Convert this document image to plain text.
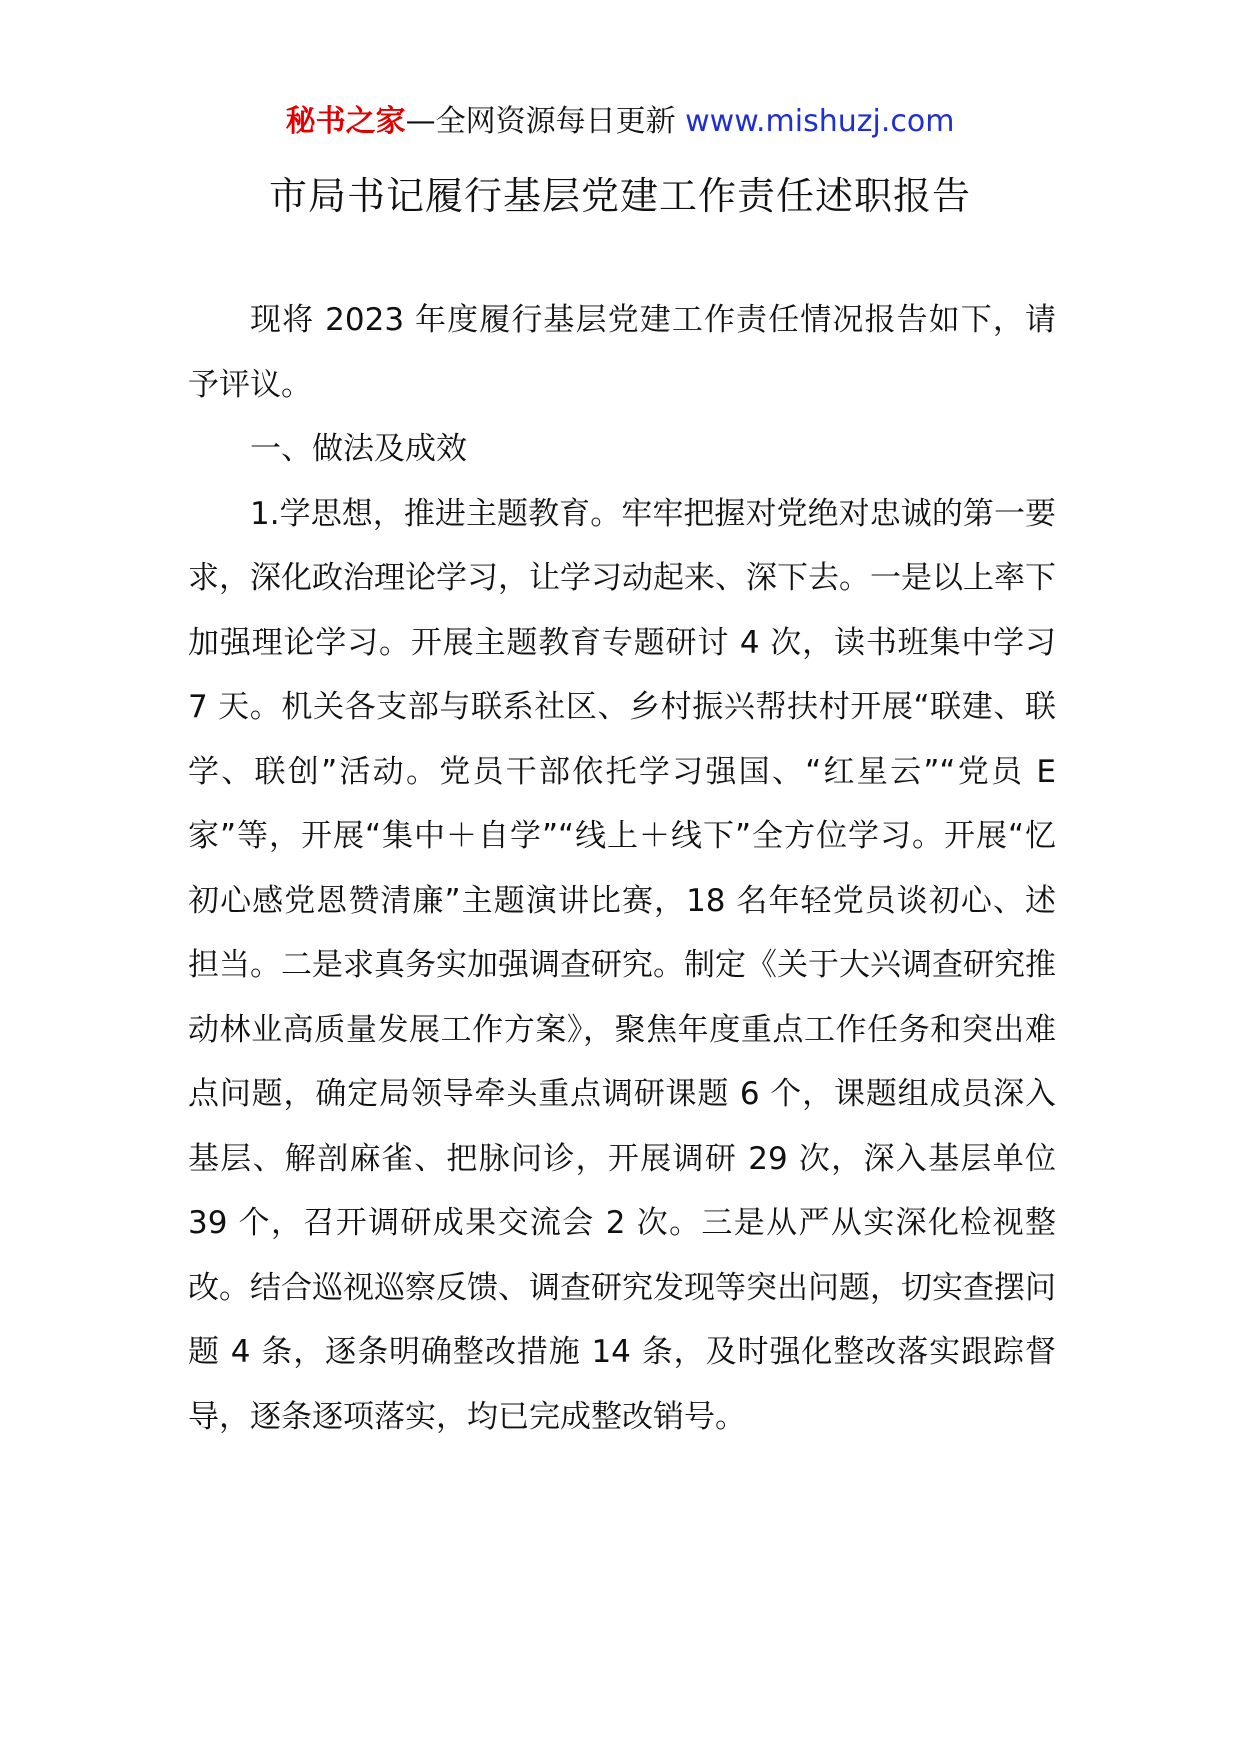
秘书之家—全网资源每日更新 www.mishuzj.com
市局书记履行基层党建工作责任述职报告

现将 2023 年度履行基层党建工作责任情况报告如下，请予评议。

一、做法及成效

1.学思想，推进主题教育。牢牢把握对党绝对忠诚的第一要求，深化政治理论学习，让学习动起来、深下去。一是以上率下加强理论学习。开展主题教育专题研讨 4 次，读书班集中学习 7 天。机关各支部与联系社区、乡村振兴帮扶村开展“联建、联学、联创”活动。党员干部依托学习强国、“红星云”“党员 E 家”等，开展“集中＋自学”“线上＋线下”全方位学习。开展“忆初心感党恩赞清廉”主题演讲比赛，18 名年轻党员谈初心、述担当。二是求真务实加强调查研究。制定《关于大兴调查研究推动林业高质量发展工作方案》，聚焦年度重点工作任务和突出难点问题，确定局领导牵头重点调研课题 6 个，课题组成员深入基层、解剖麻雀、把脉问诊，开展调研 29 次，深入基层单位 39 个，召开调研成果交流会 2 次。三是从严从实深化检视整改。结合巡视巡察反馈、调查研究发现等突出问题，切实查摆问题 4 条，逐条明确整改措施 14 条，及时强化整改落实跟踪督导，逐条逐项落实，均已完成整改销号。
